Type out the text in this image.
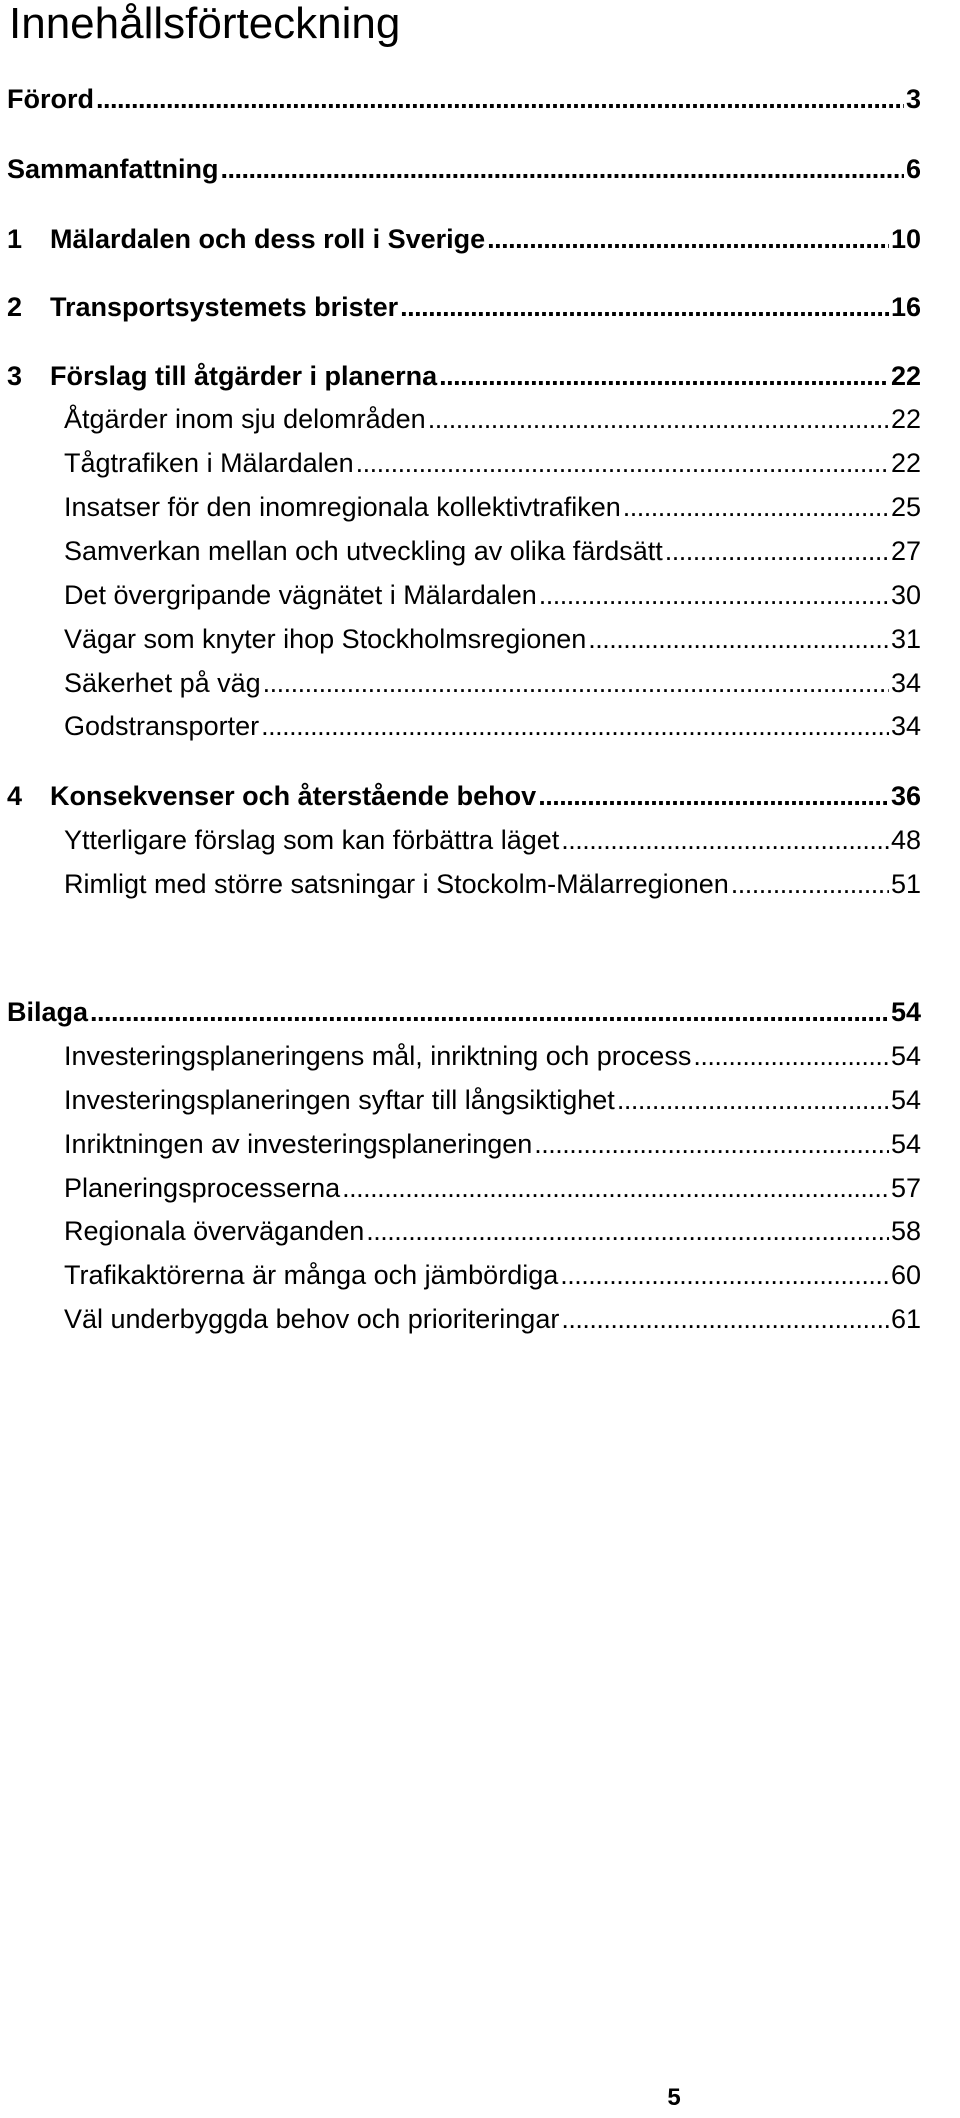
Innehållsförteckning
Förord . . .	3
Sammanfattning . . .	6
1	Mälardalen och dess roll i Sverige . . .	10
2	Transportsystemets brister . . .	16
3	Förslag till åtgärder i planerna . . .	22
Åtgärder inom sju delområden . . .	22
Tågtrafiken i Mälardalen . . .	22
Insatser för den inomregionala kollektivtrafiken . . .	25
Samverkan mellan och utveckling av olika färdsätt . . .	27
Det övergripande vägnätet i Mälardalen . . .	30
Vägar som knyter ihop Stockholmsregionen . . .	31
Säkerhet på väg . . .	34
Godstransporter . . .	34
4	Konsekvenser och återstående behov . . .	36
Ytterligare förslag som kan förbättra läget . . .	48
Rimligt med större satsningar i Stockolm-Mälarregionen . . .	51
Bilaga . . .	54
Investeringsplaneringens mål, inriktning och process . . .	54
Investeringsplaneringen syftar till långsiktighet . . .	54
Inriktningen av investeringsplaneringen . . .	54
Planeringsprocesserna . . .	57
Regionala överväganden . . .	58
Trafikaktörerna är många och jämbördiga . . .	60
Väl underbyggda behov och prioriteringar . . .	61
5
